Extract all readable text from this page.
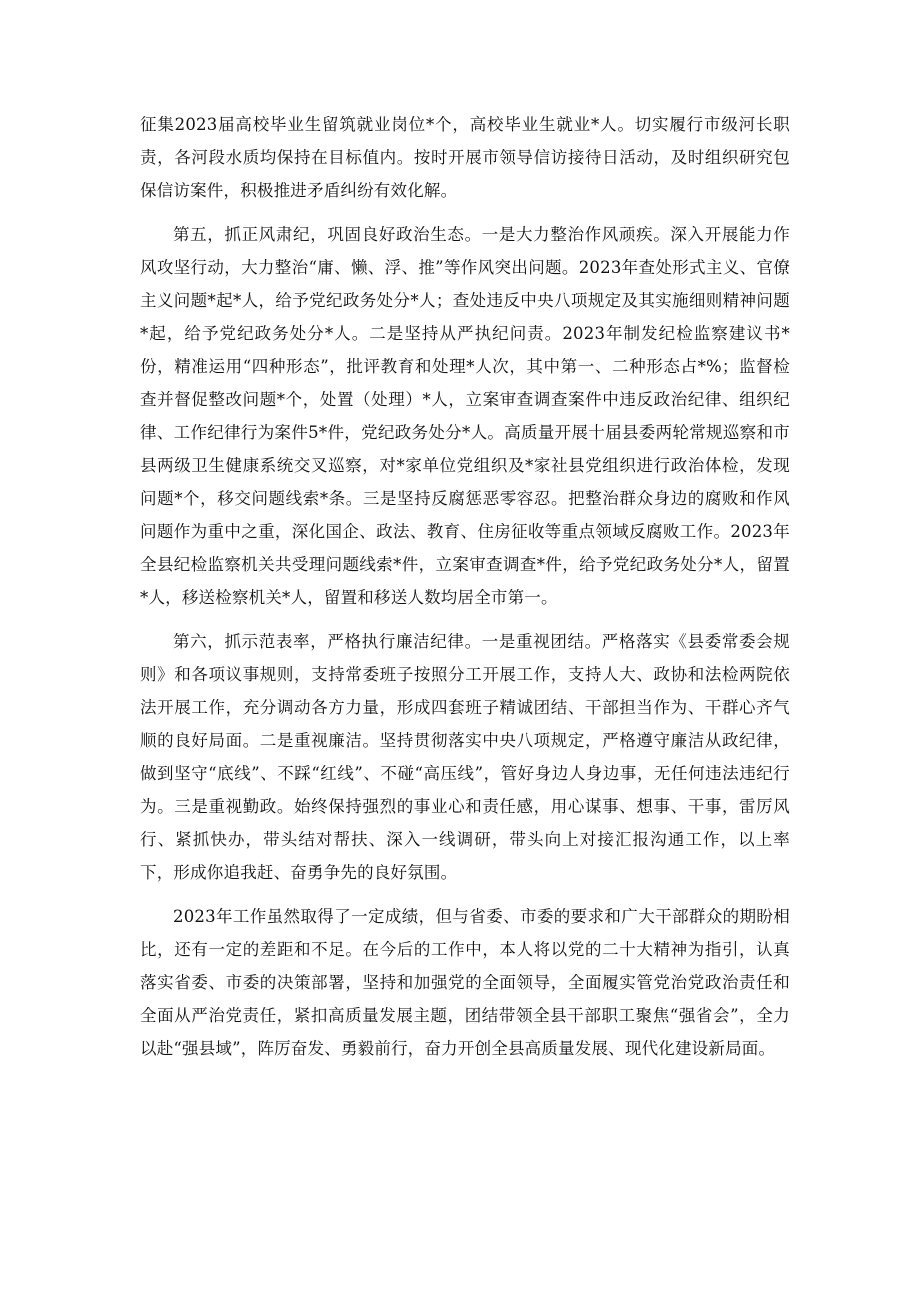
征集2023届高校毕业生留筑就业岗位*个，高校毕业生就业*人。切实履行市级河长职责，各河段水质均保持在目标值内。按时开展市领导信访接待日活动，及时组织研究包保信访案件，积极推进矛盾纠纷有效化解。

第五，抓正风肃纪，巩固良好政治生态。一是大力整治作风顽疾。深入开展能力作风攻坚行动，大力整治“庸、懒、浮、推”等作风突出问题。2023年查处形式主义、官僚主义问题*起*人，给予党纪政务处分*人；查处违反中央八项规定及其实施细则精神问题*起，给予党纪政务处分*人。二是坚持从严执纪问责。2023年制发纪检监察建议书*份，精准运用“四种形态”，批评教育和处理*人次，其中第一、二种形态占*%；监督检查并督促整改问题*个，处置（处理）*人，立案审查调查案件中违反政治纪律、组织纪律、工作纪律行为案件5*件，党纪政务处分*人。高质量开展十届县委两轮常规巡察和市县两级卫生健康系统交叉巡察，对*家单位党组织及*家社县党组织进行政治体检，发现问题*个，移交问题线索*条。三是坚持反腐惩恶零容忍。把整治群众身边的腐败和作风问题作为重中之重，深化国企、政法、教育、住房征收等重点领域反腐败工作。2023年全县纪检监察机关共受理问题线索*件，立案审查调查*件，给予党纪政务处分*人，留置*人，移送检察机关*人，留置和移送人数均居全市第一。

第六，抓示范表率，严格执行廉洁纪律。一是重视团结。严格落实《县委常委会规则》和各项议事规则，支持常委班子按照分工开展工作，支持人大、政协和法检两院依法开展工作，充分调动各方力量，形成四套班子精诚团结、干部担当作为、干群心齐气顺的良好局面。二是重视廉洁。坚持贯彻落实中央八项规定，严格遵守廉洁从政纪律，做到坚守“底线”、不踩“红线”、不碰“高压线”，管好身边人身边事，无任何违法违纪行为。三是重视勤政。始终保持强烈的事业心和责任感，用心谋事、想事、干事，雷厉风行、紧抓快办，带头结对帮扶、深入一线调研，带头向上对接汇报沟通工作，以上率下，形成你追我赶、奋勇争先的良好氛围。

2023年工作虽然取得了一定成绩，但与省委、市委的要求和广大干部群众的期盼相比，还有一定的差距和不足。在今后的工作中，本人将以党的二十大精神为指引，认真落实省委、市委的决策部署，坚持和加强党的全面领导，全面履实管党治党政治责任和全面从严治党责任，紧扣高质量发展主题，团结带领全县干部职工聚焦“强省会”，全力以赴“强县域”，阵厉奋发、勇毅前行，奋力开创全县高质量发展、现代化建设新局面。
